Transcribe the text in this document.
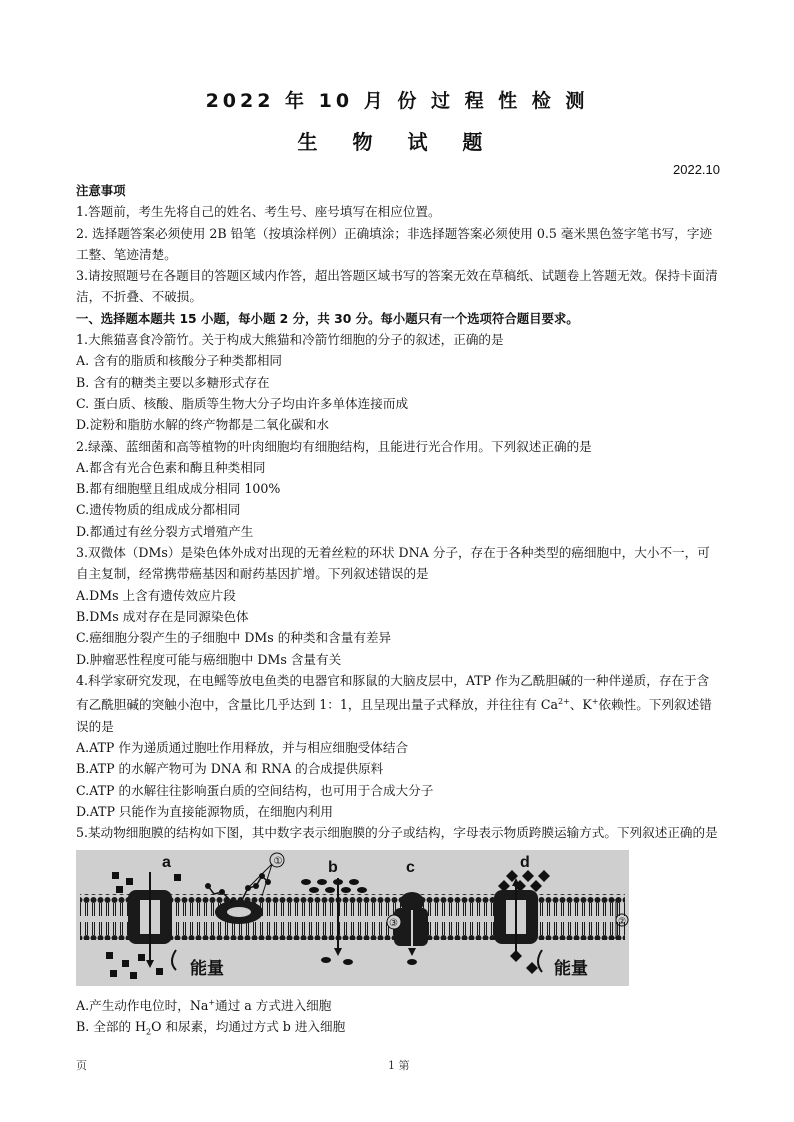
2022 年 10 月 份 过 程 性 检 测
生 物 试 题
2022.10
注意事项
1.答题前，考生先将自己的姓名、考生号、座号填写在相应位置。
2. 选择题答案必须使用 2B 铅笔（按填涂样例）正确填涂；非选择题答案必须使用 0.5 毫米黑色签字笔书写，字迹工整、笔迹清楚。
3.请按照题号在各题目的答题区域内作答，超出答题区域书写的答案无效在草稿纸、试题卷上答题无效。保持卡面清洁，不折叠、不破损。
一、选择题本题共 15 小题，每小题 2 分，共 30 分。每小题只有一个选项符合题目要求。
1.大熊猫喜食冷箭竹。关于构成大熊猫和冷箭竹细胞的分子的叙述，正确的是
A. 含有的脂质和核酸分子种类都相同
B. 含有的糖类主要以多糖形式存在
C. 蛋白质、核酸、脂质等生物大分子均由许多单体连接而成
D.淀粉和脂肪水解的终产物都是二氧化碳和水
2.绿藻、蓝细菌和高等植物的叶肉细胞均有细胞结构，且能进行光合作用。下列叙述正确的是
A.都含有光合色素和酶且种类相同
B.都有细胞壁且组成成分相同 100%
C.遗传物质的组成成分都相同
D.都通过有丝分裂方式增殖产生
3.双微体（DMs）是染色体外成对出现的无着丝粒的环状 DNA 分子，存在于各种类型的癌细胞中，大小不一，可自主复制，经常携带癌基因和耐药基因扩增。下列叙述错误的是
A.DMs 上含有遗传效应片段
B.DMs 成对存在是同源染色体
C.癌细胞分裂产生的子细胞中 DMs 的种类和含量有差异
D.肿瘤恶性程度可能与癌细胞中 DMs 含量有关
4.科学家研究发现，在电鳐等放电鱼类的电器官和豚鼠的大脑皮层中，ATP 作为乙酰胆碱的一种伴递质，存在于含有乙酰胆碱的突触小泡中，含量比几乎达到 1：1，且呈现出量子式释放，并往往有 $Ca^{2+}$、K+依赖性。下列叙述错误的是
A.ATP 作为递质通过胞吐作用释放，并与相应细胞受体结合
B.ATP 的水解产物可为 DNA 和 RNA 的合成提供原料
C.ATP 的水解往往影响蛋白质的空间结构，也可用于合成大分子
D.ATP 只能作为直接能源物质，在细胞内利用
5.某动物细胞膜的结构如下图，其中数字表示细胞膜的分子或结构，字母表示物质跨膜运输方式。下列叙述正确的是
能量
a	①	b	c
③
d
能量
②
A.产生动作电位时，Na+通过 a 方式进入细胞
B. 全部的 $H_2O$ 和尿素，均通过方式 b 进入细胞
页	1 第
